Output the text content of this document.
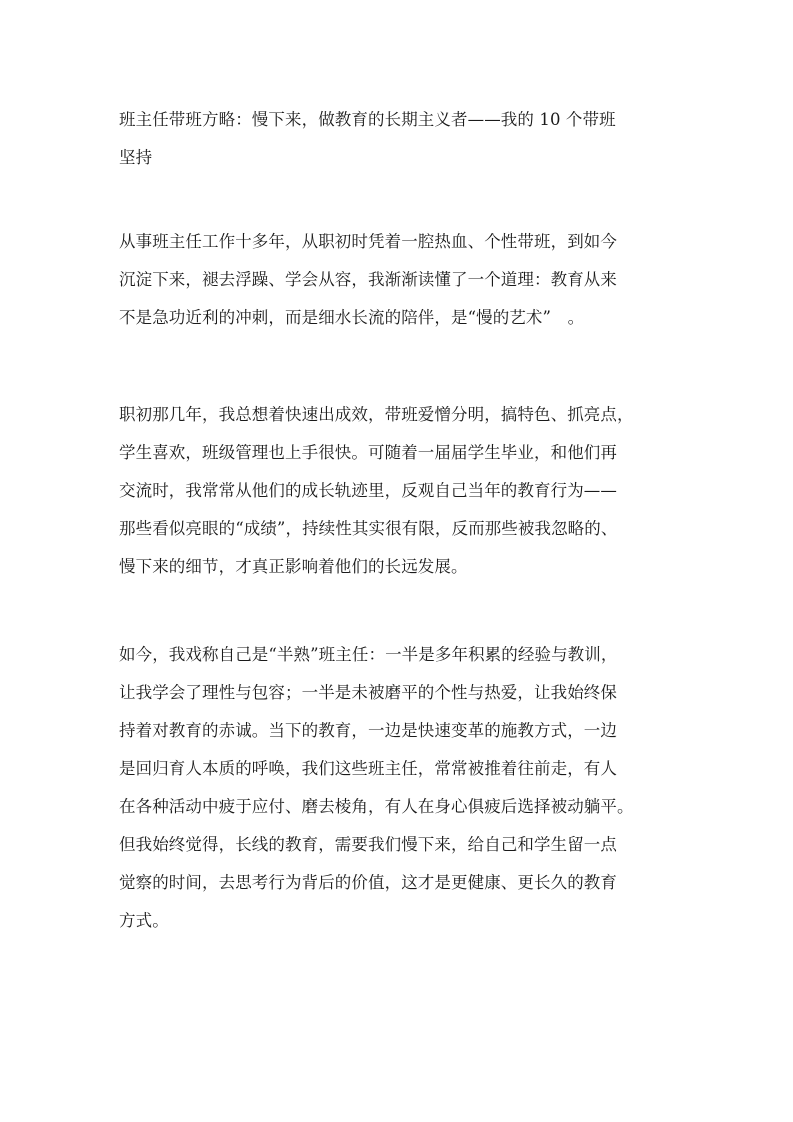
班主任带班方略：慢下来，做教育的长期主义者——我的 10 个带班
坚持
从事班主任工作十多年，从职初时凭着一腔热血、个性带班，到如今
沉淀下来，褪去浮躁、学会从容，我渐渐读懂了一个道理：教育从来
不是急功近利的冲刺，而是细水长流的陪伴，是“慢的艺术”　。
职初那几年，我总想着快速出成效，带班爱憎分明，搞特色、抓亮点，
学生喜欢，班级管理也上手很快。可随着一届届学生毕业，和他们再
交流时，我常常从他们的成长轨迹里，反观自己当年的教育行为——
那些看似亮眼的“成绩”，持续性其实很有限，反而那些被我忽略的、
慢下来的细节，才真正影响着他们的长远发展。
如今，我戏称自己是“半熟”班主任：一半是多年积累的经验与教训，
让我学会了理性与包容；一半是未被磨平的个性与热爱，让我始终保
持着对教育的赤诚。当下的教育，一边是快速变革的施教方式，一边
是回归育人本质的呼唤，我们这些班主任，常常被推着往前走，有人
在各种活动中疲于应付、磨去棱角，有人在身心俱疲后选择被动躺平。
但我始终觉得，长线的教育，需要我们慢下来，给自己和学生留一点
觉察的时间，去思考行为背后的价值，这才是更健康、更长久的教育
方式。
